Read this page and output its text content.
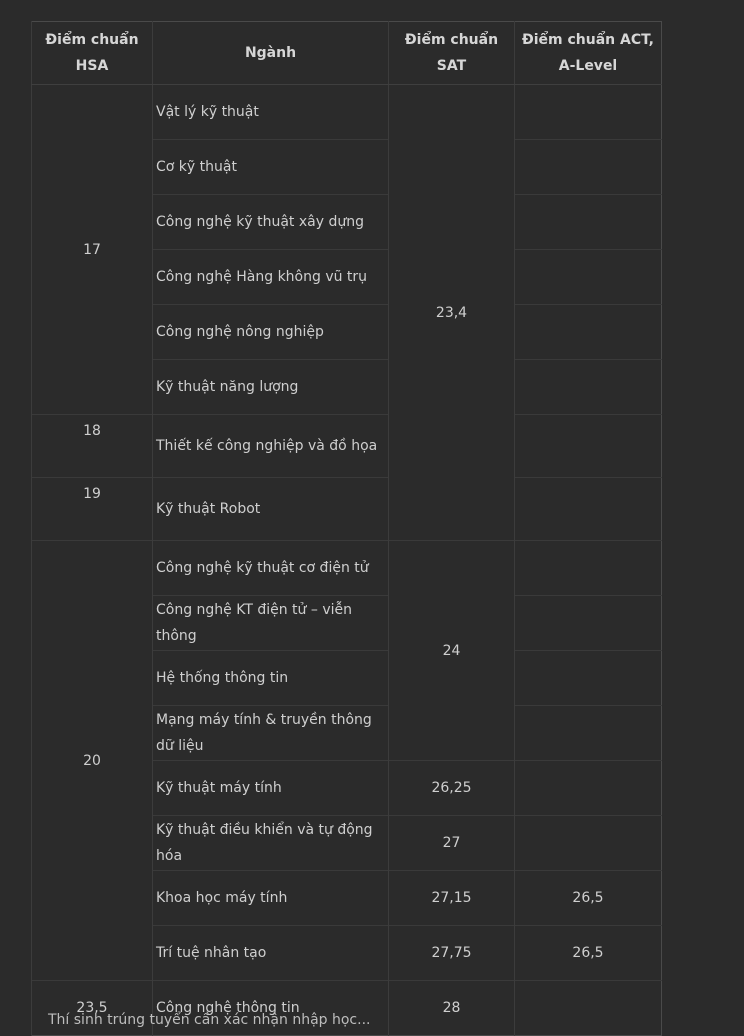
Điểm chuẩn HSA	Ngành	Điểm chuẩn SAT	Điểm chuẩn ACT, A-Level
17	Vật lý kỹ thuật	23,4	
	Cơ kỹ thuật		
	Công nghệ kỹ thuật xây dựng		
	Công nghệ Hàng không vũ trụ		
	Công nghệ nông nghiệp		
	Kỹ thuật năng lượng		
18	Thiết kế công nghiệp và đồ họa		
19	Kỹ thuật Robot		
20	Công nghệ kỹ thuật cơ điện tử	24	
	Công nghệ KT điện tử – viễn thông		
	Hệ thống thông tin		
	Mạng máy tính & truyền thông dữ liệu		
	Kỹ thuật máy tính	26,25	
	Kỹ thuật điều khiển và tự động hóa	27	
	Khoa học máy tính	27,15	26,5
	Trí tuệ nhân tạo	27,75	26,5
23,5	Công nghệ thông tin	28	
Thí sinh trúng tuyển cần xác nhận nhập học...
